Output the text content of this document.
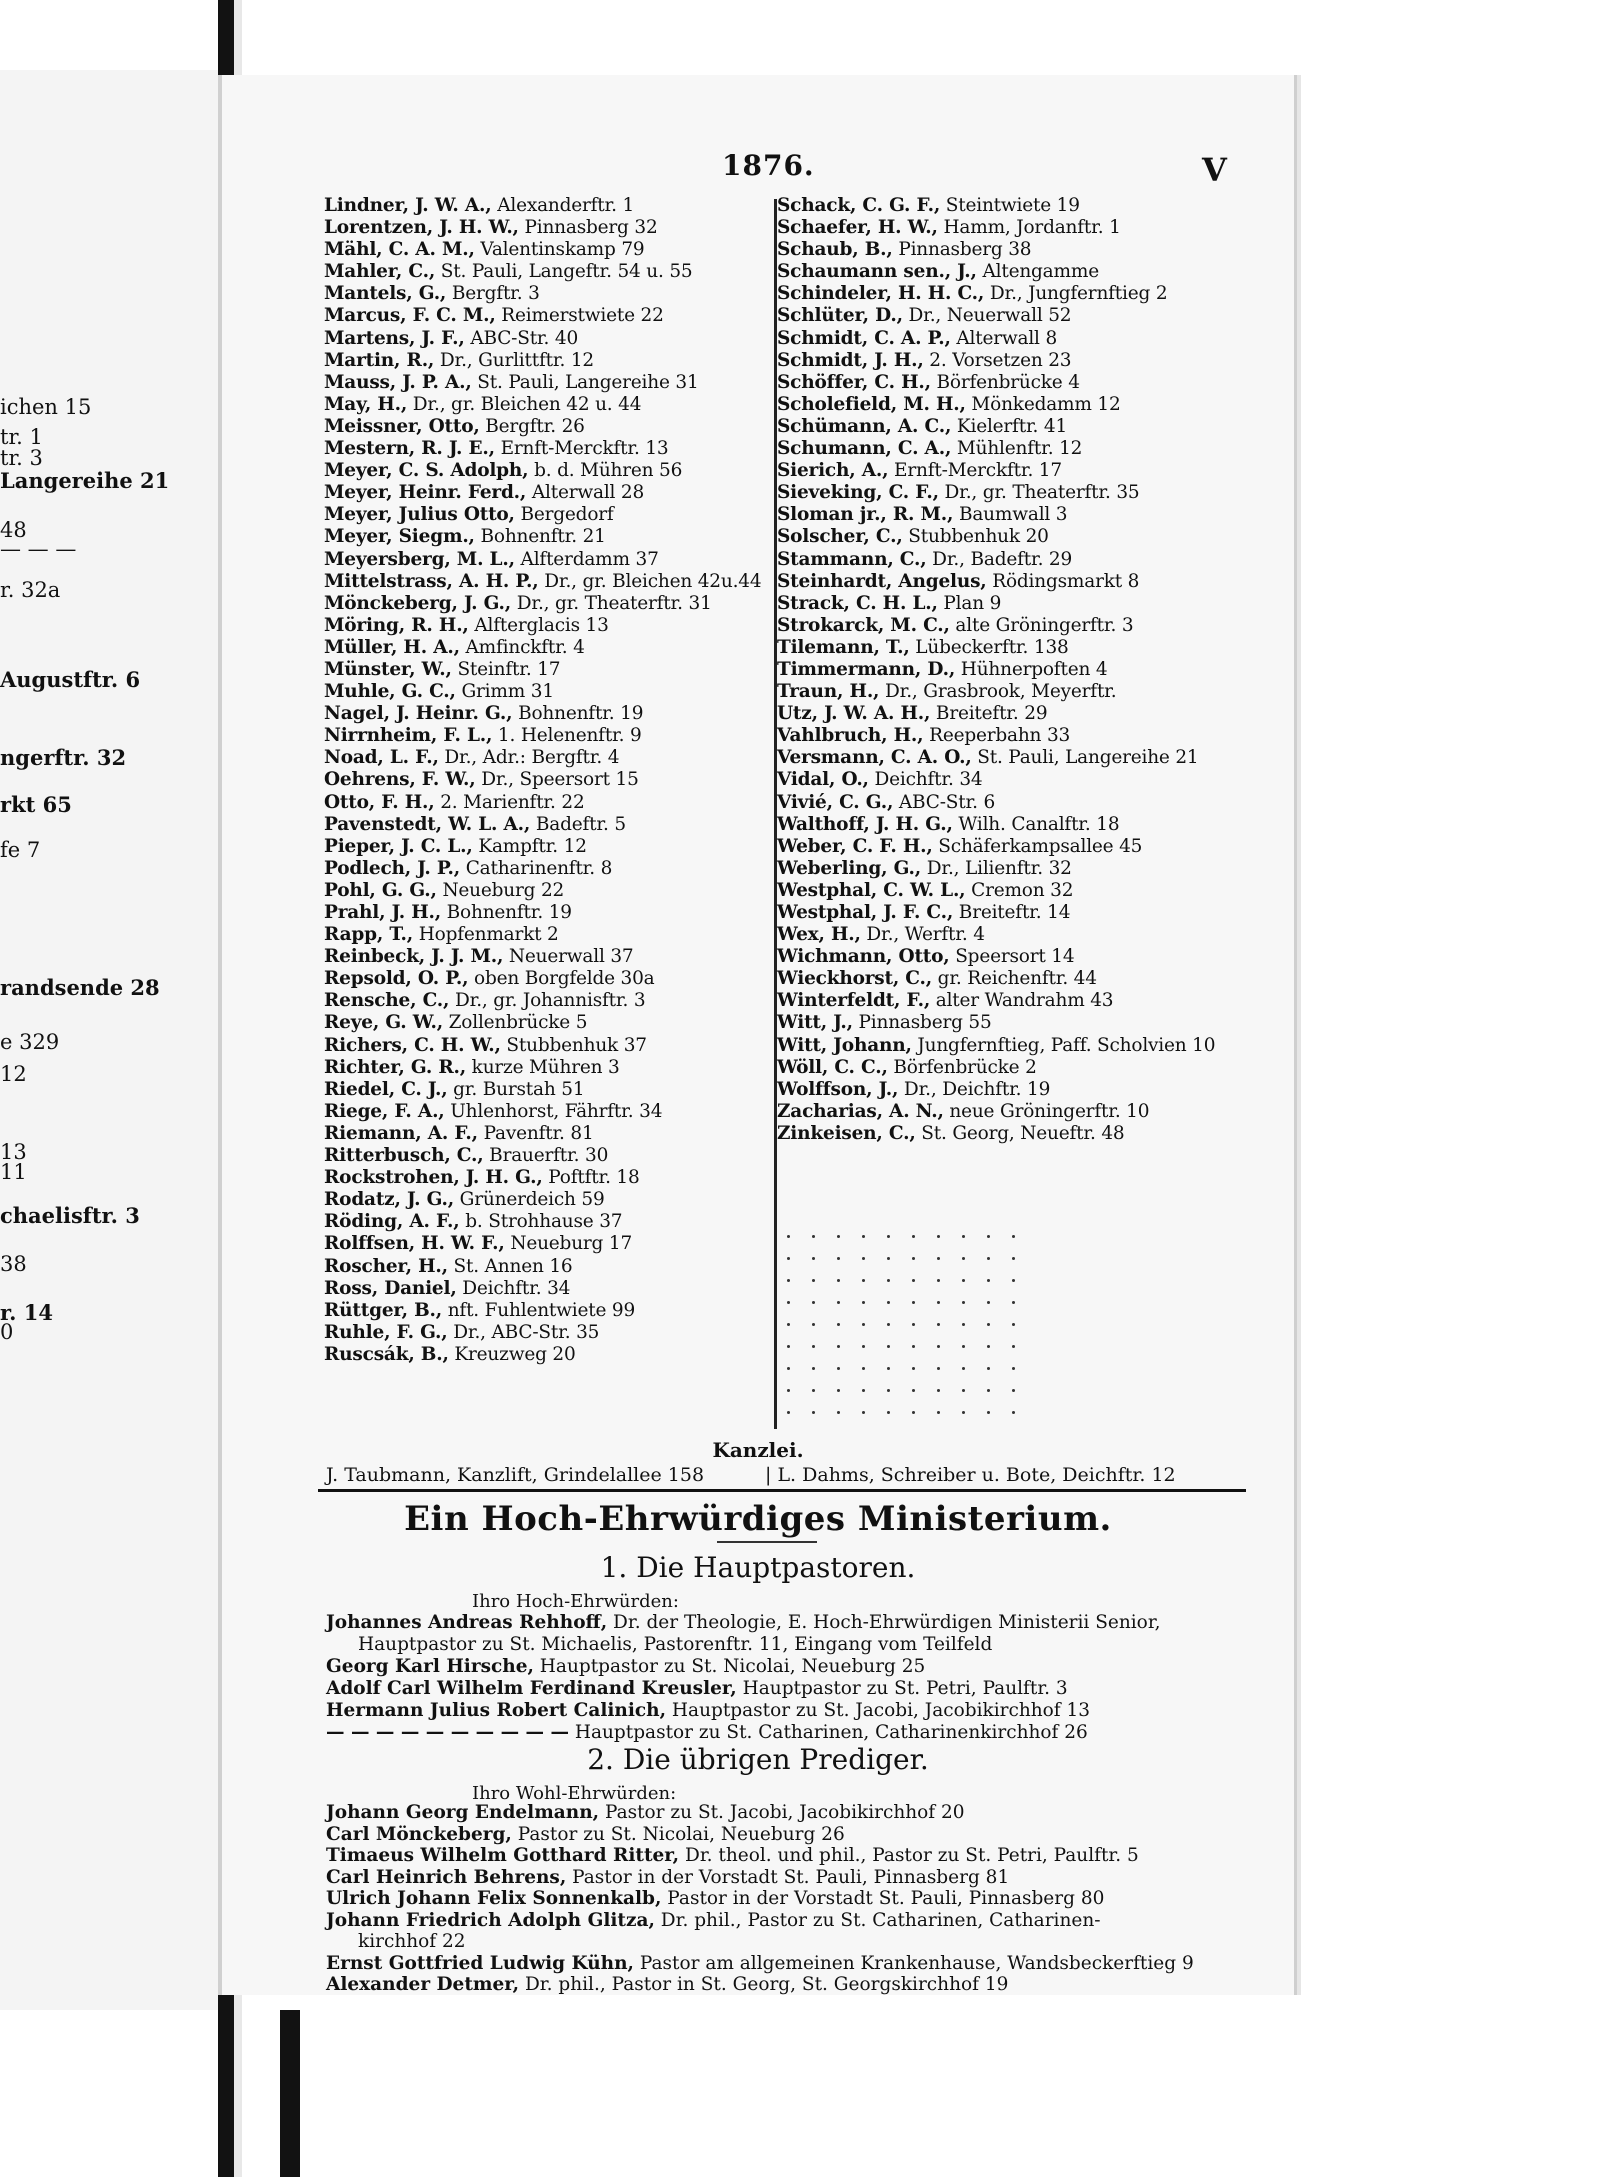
ichen 15
tr. 1
tr. 3
Langereihe 21
48
— — —
r. 32a
Augustftr. 6
ngerftr. 32
rkt 65
fe 7
randsende 28
e 329
12
13
11
chaelisftr. 3
38
r. 14
0
1876.	V
Lindner, J. W. A., Alexanderftr. 1
Lorentzen, J. H. W., Pinnasberg 32
Mähl, C. A. M., Valentinskamp 79
Mahler, C., St. Pauli, Langeftr. 54 u. 55
Mantels, G., Bergftr. 3
Marcus, F. C. M., Reimerstwiete 22
Martens, J. F., ABC-Str. 40
Martin, R., Dr., Gurlittftr. 12
Mauss, J. P. A., St. Pauli, Langereihe 31
May, H., Dr., gr. Bleichen 42 u. 44
Meissner, Otto, Bergftr. 26
Mestern, R. J. E., Ernft-Merckftr. 13
Meyer, C. S. Adolph, b. d. Mühren 56
Meyer, Heinr. Ferd., Alterwall 28
Meyer, Julius Otto, Bergedorf
Meyer, Siegm., Bohnenftr. 21
Meyersberg, M. L., Alfterdamm 37
Mittelstrass, A. H. P., Dr., gr. Bleichen 42u.44
Mönckeberg, J. G., Dr., gr. Theaterftr. 31
Möring, R. H., Alfterglacis 13
Müller, H. A., Amfinckftr. 4
Münster, W., Steinftr. 17
Muhle, G. C., Grimm 31
Nagel, J. Heinr. G., Bohnenftr. 19
Nirrnheim, F. L., 1. Helenenftr. 9
Noad, L. F., Dr., Adr.: Bergftr. 4
Oehrens, F. W., Dr., Speersort 15
Otto, F. H., 2. Marienftr. 22
Pavenstedt, W. L. A., Badeftr. 5
Pieper, J. C. L., Kampftr. 12
Podlech, J. P., Catharinenftr. 8
Pohl, G. G., Neueburg 22
Prahl, J. H., Bohnenftr. 19
Rapp, T., Hopfenmarkt 2
Reinbeck, J. J. M., Neuerwall 37
Repsold, O. P., oben Borgfelde 30a
Rensche, C., Dr., gr. Johannisftr. 3
Reye, G. W., Zollenbrücke 5
Richers, C. H. W., Stubbenhuk 37
Richter, G. R., kurze Mühren 3
Riedel, C. J., gr. Burstah 51
Riege, F. A., Uhlenhorst, Fährftr. 34
Riemann, A. F., Pavenftr. 81
Ritterbusch, C., Brauerftr. 30
Rockstrohen, J. H. G., Poftftr. 18
Rodatz, J. G., Grünerdeich 59
Röding, A. F., b. Strohhause 37
Rolffsen, H. W. F., Neueburg 17
Roscher, H., St. Annen 16
Ross, Daniel, Deichftr. 34
Rüttger, B., nft. Fuhlentwiete 99
Ruhle, F. G., Dr., ABC-Str. 35
Ruscsák, B., Kreuzweg 20
Schack, C. G. F., Steintwiete 19
Schaefer, H. W., Hamm, Jordanftr. 1
Schaub, B., Pinnasberg 38
Schaumann sen., J., Altengamme
Schindeler, H. H. C., Dr., Jungfernftieg 2
Schlüter, D., Dr., Neuerwall 52
Schmidt, C. A. P., Alterwall 8
Schmidt, J. H., 2. Vorsetzen 23
Schöffer, C. H., Börfenbrücke 4
Scholefield, M. H., Mönkedamm 12
Schümann, A. C., Kielerftr. 41
Schumann, C. A., Mühlenftr. 12
Sierich, A., Ernft-Merckftr. 17
Sieveking, C. F., Dr., gr. Theaterftr. 35
Sloman jr., R. M., Baumwall 3
Solscher, C., Stubbenhuk 20
Stammann, C., Dr., Badeftr. 29
Steinhardt, Angelus, Rödingsmarkt 8
Strack, C. H. L., Plan 9
Strokarck, M. C., alte Gröningerftr. 3
Tilemann, T., Lübeckerftr. 138
Timmermann, D., Hühnerpoften 4
Traun, H., Dr., Grasbrook, Meyerftr.
Utz, J. W. A. H., Breiteftr. 29
Vahlbruch, H., Reeperbahn 33
Versmann, C. A. O., St. Pauli, Langereihe 21
Vidal, O., Deichftr. 34
Vivié, C. G., ABC-Str. 6
Walthoff, J. H. G., Wilh. Canalftr. 18
Weber, C. F. H., Schäferkampsallee 45
Weberling, G., Dr., Lilienftr. 32
Westphal, C. W. L., Cremon 32
Westphal, J. F. C., Breiteftr. 14
Wex, H., Dr., Werftr. 4
Wichmann, Otto, Speersort 14
Wieckhorst, C., gr. Reichenftr. 44
Winterfeldt, F., alter Wandrahm 43
Witt, J., Pinnasberg 55
Witt, Johann, Jungfernftieg, Paff. Scholvien 10
Wöll, C. C., Börfenbrücke 2
Wolffson, J., Dr., Deichftr. 19
Zacharias, A. N., neue Gröningerftr. 10
Zinkeisen, C., St. Georg, Neueftr. 48
Kanzlei.
J. Taubmann, Kanzlift, Grindelallee 158	| L. Dahms, Schreiber u. Bote, Deichftr. 12
Ein Hoch-Ehrwürdiges Ministerium.
1. Die Hauptpastoren.
Ihro Hoch-Ehrwürden:
Johannes Andreas Rehhoff, Dr. der Theologie, E. Hoch-Ehrwürdigen Ministerii Senior,
Hauptpastor zu St. Michaelis, Pastorenftr. 11, Eingang vom Teilfeld
Georg Karl Hirsche, Hauptpastor zu St. Nicolai, Neueburg 25
Adolf Carl Wilhelm Ferdinand Kreusler, Hauptpastor zu St. Petri, Paulftr. 3
Hermann Julius Robert Calinich, Hauptpastor zu St. Jacobi, Jacobikirchhof 13
— — — — — — — — — — Hauptpastor zu St. Catharinen, Catharinenkirchhof 26
2. Die übrigen Prediger.
Ihro Wohl-Ehrwürden:
Johann Georg Endelmann, Pastor zu St. Jacobi, Jacobikirchhof 20
Carl Mönckeberg, Pastor zu St. Nicolai, Neueburg 26
Timaeus Wilhelm Gotthard Ritter, Dr. theol. und phil., Pastor zu St. Petri, Paulftr. 5
Carl Heinrich Behrens, Pastor in der Vorstadt St. Pauli, Pinnasberg 81
Ulrich Johann Felix Sonnenkalb, Pastor in der Vorstadt St. Pauli, Pinnasberg 80
Johann Friedrich Adolph Glitza, Dr. phil., Pastor zu St. Catharinen, Catharinen-
kirchhof 22
Ernst Gottfried Ludwig Kühn, Pastor am allgemeinen Krankenhause, Wandsbeckerftieg 9
Alexander Detmer, Dr. phil., Pastor in St. Georg, St. Georgskirchhof 19
